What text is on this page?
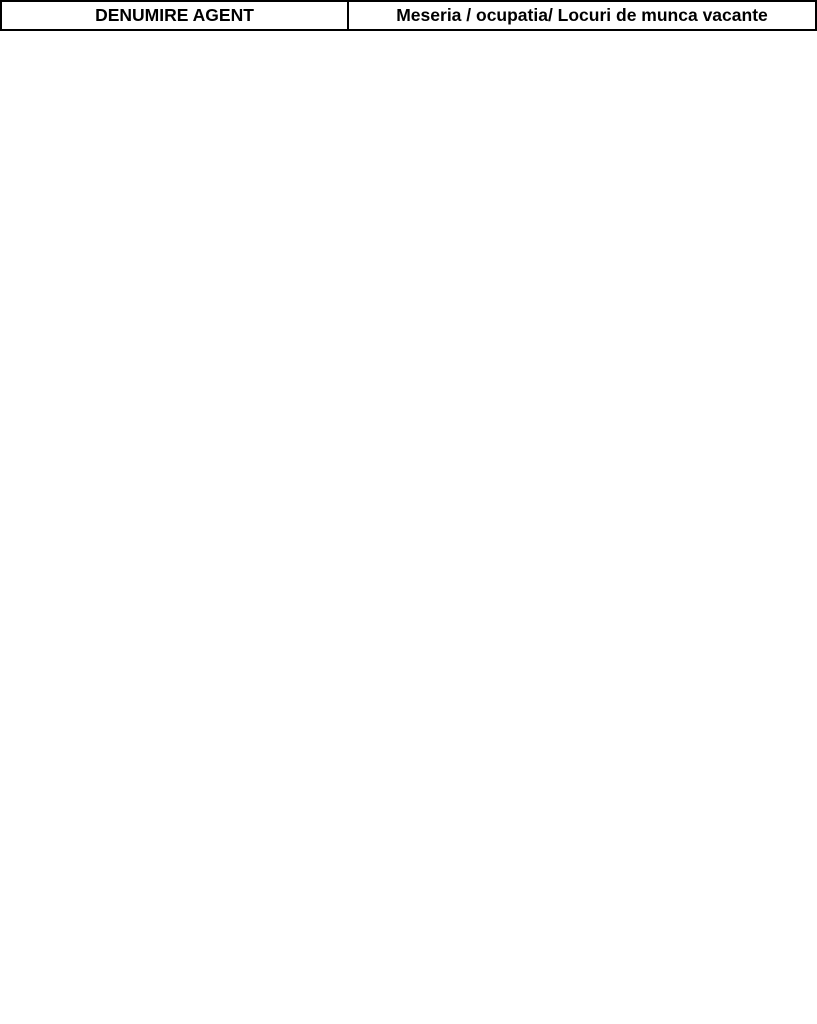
DENUMIRE AGENT	Meseria / ocupatia/ Locuri de munca vacante
